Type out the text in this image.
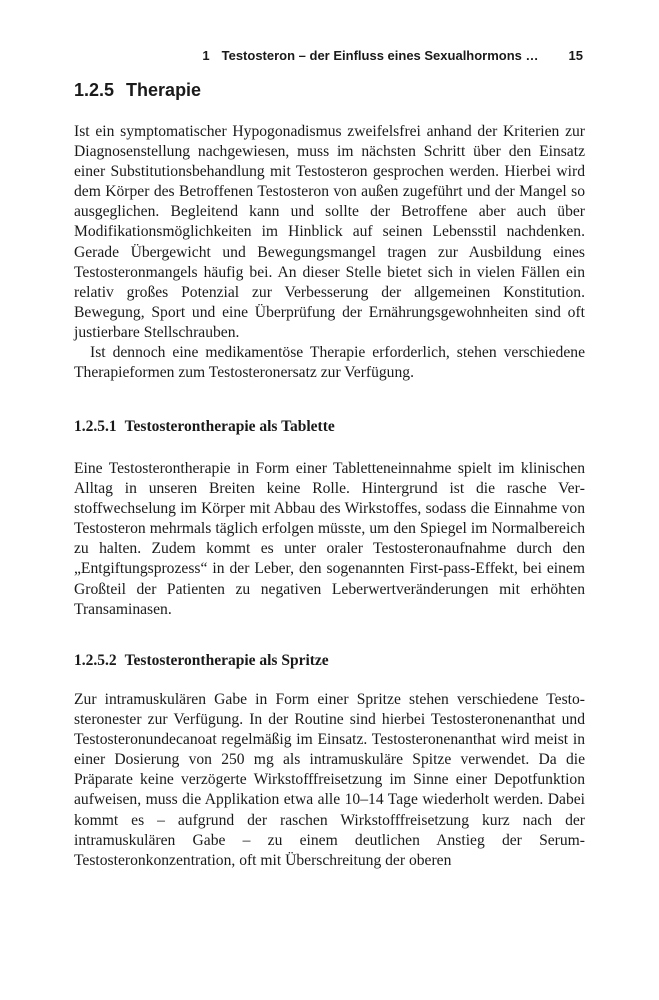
1 Testosteron – der Einfluss eines Sexualhormons … 15
1.2.5 Therapie

Ist ein symptomatischer Hypogonadismus zweifelsfrei anhand der Kriterien zur Diagnosenstellung nachgewiesen, muss im nächsten Schritt über den Einsatz einer Substitutionsbehandlung mit Testosteron gesprochen werden. Hierbei wird dem Körper des Betroffenen Testosteron von außen zugeführt und der Mangel so ausgeglichen. Begleitend kann und sollte der Betroffene aber auch über Modifikationsmöglichkeiten im Hinblick auf seinen Lebensstil nachdenken. Gerade Übergewicht und Bewegungsmangel tragen zur Ausbildung eines Testosteronmangels häufig bei. An dieser Stelle bietet sich in vielen Fällen ein relativ großes Potenzial zur Verbesserung der allgemeinen Konstitution. Bewegung, Sport und eine Überprüfung der Ernährungsgewohnheiten sind oft justierbare Stellschrauben.

Ist dennoch eine medikamentöse Therapie erforderlich, stehen verschiedene Therapieformen zum Testosteronersatz zur Verfügung.

1.2.5.1 Testosterontherapie als Tablette

Eine Testosterontherapie in Form einer Tabletteneinnahme spielt im klinischen Alltag in unseren Breiten keine Rolle. Hintergrund ist die rasche Verstoffwechselung im Körper mit Abbau des Wirkstoffes, sodass die Einnahme von Testosteron mehrmals täglich erfolgen müsste, um den Spiegel im Normalbereich zu halten. Zudem kommt es unter oraler Testosteronaufnahme durch den „Entgiftungsprozess“ in der Leber, den sogenannten First-pass-Effekt, bei einem Großteil der Patienten zu negativen Leberwertveränderungen mit erhöhten Transaminasen.

1.2.5.2 Testosterontherapie als Spritze

Zur intramuskulären Gabe in Form einer Spritze stehen verschiedene Testosteronester zur Verfügung. In der Routine sind hierbei Testosteronenanthat und Testosteronundecanoat regelmäßig im Einsatz. Testosteronenanthat wird meist in einer Dosierung von 250 mg als intramuskuläre Spitze verwendet. Da die Präparate keine verzögerte Wirkstofffreisetzung im Sinne einer Depotfunktion aufweisen, muss die Applikation etwa alle 10–14 Tage wiederholt werden. Dabei kommt es – aufgrund der raschen Wirkstofffreisetzung kurz nach der intramuskulären Gabe – zu einem deutlichen Anstieg der Serum-Testosteronkonzentration, oft mit Überschreitung der oberen
